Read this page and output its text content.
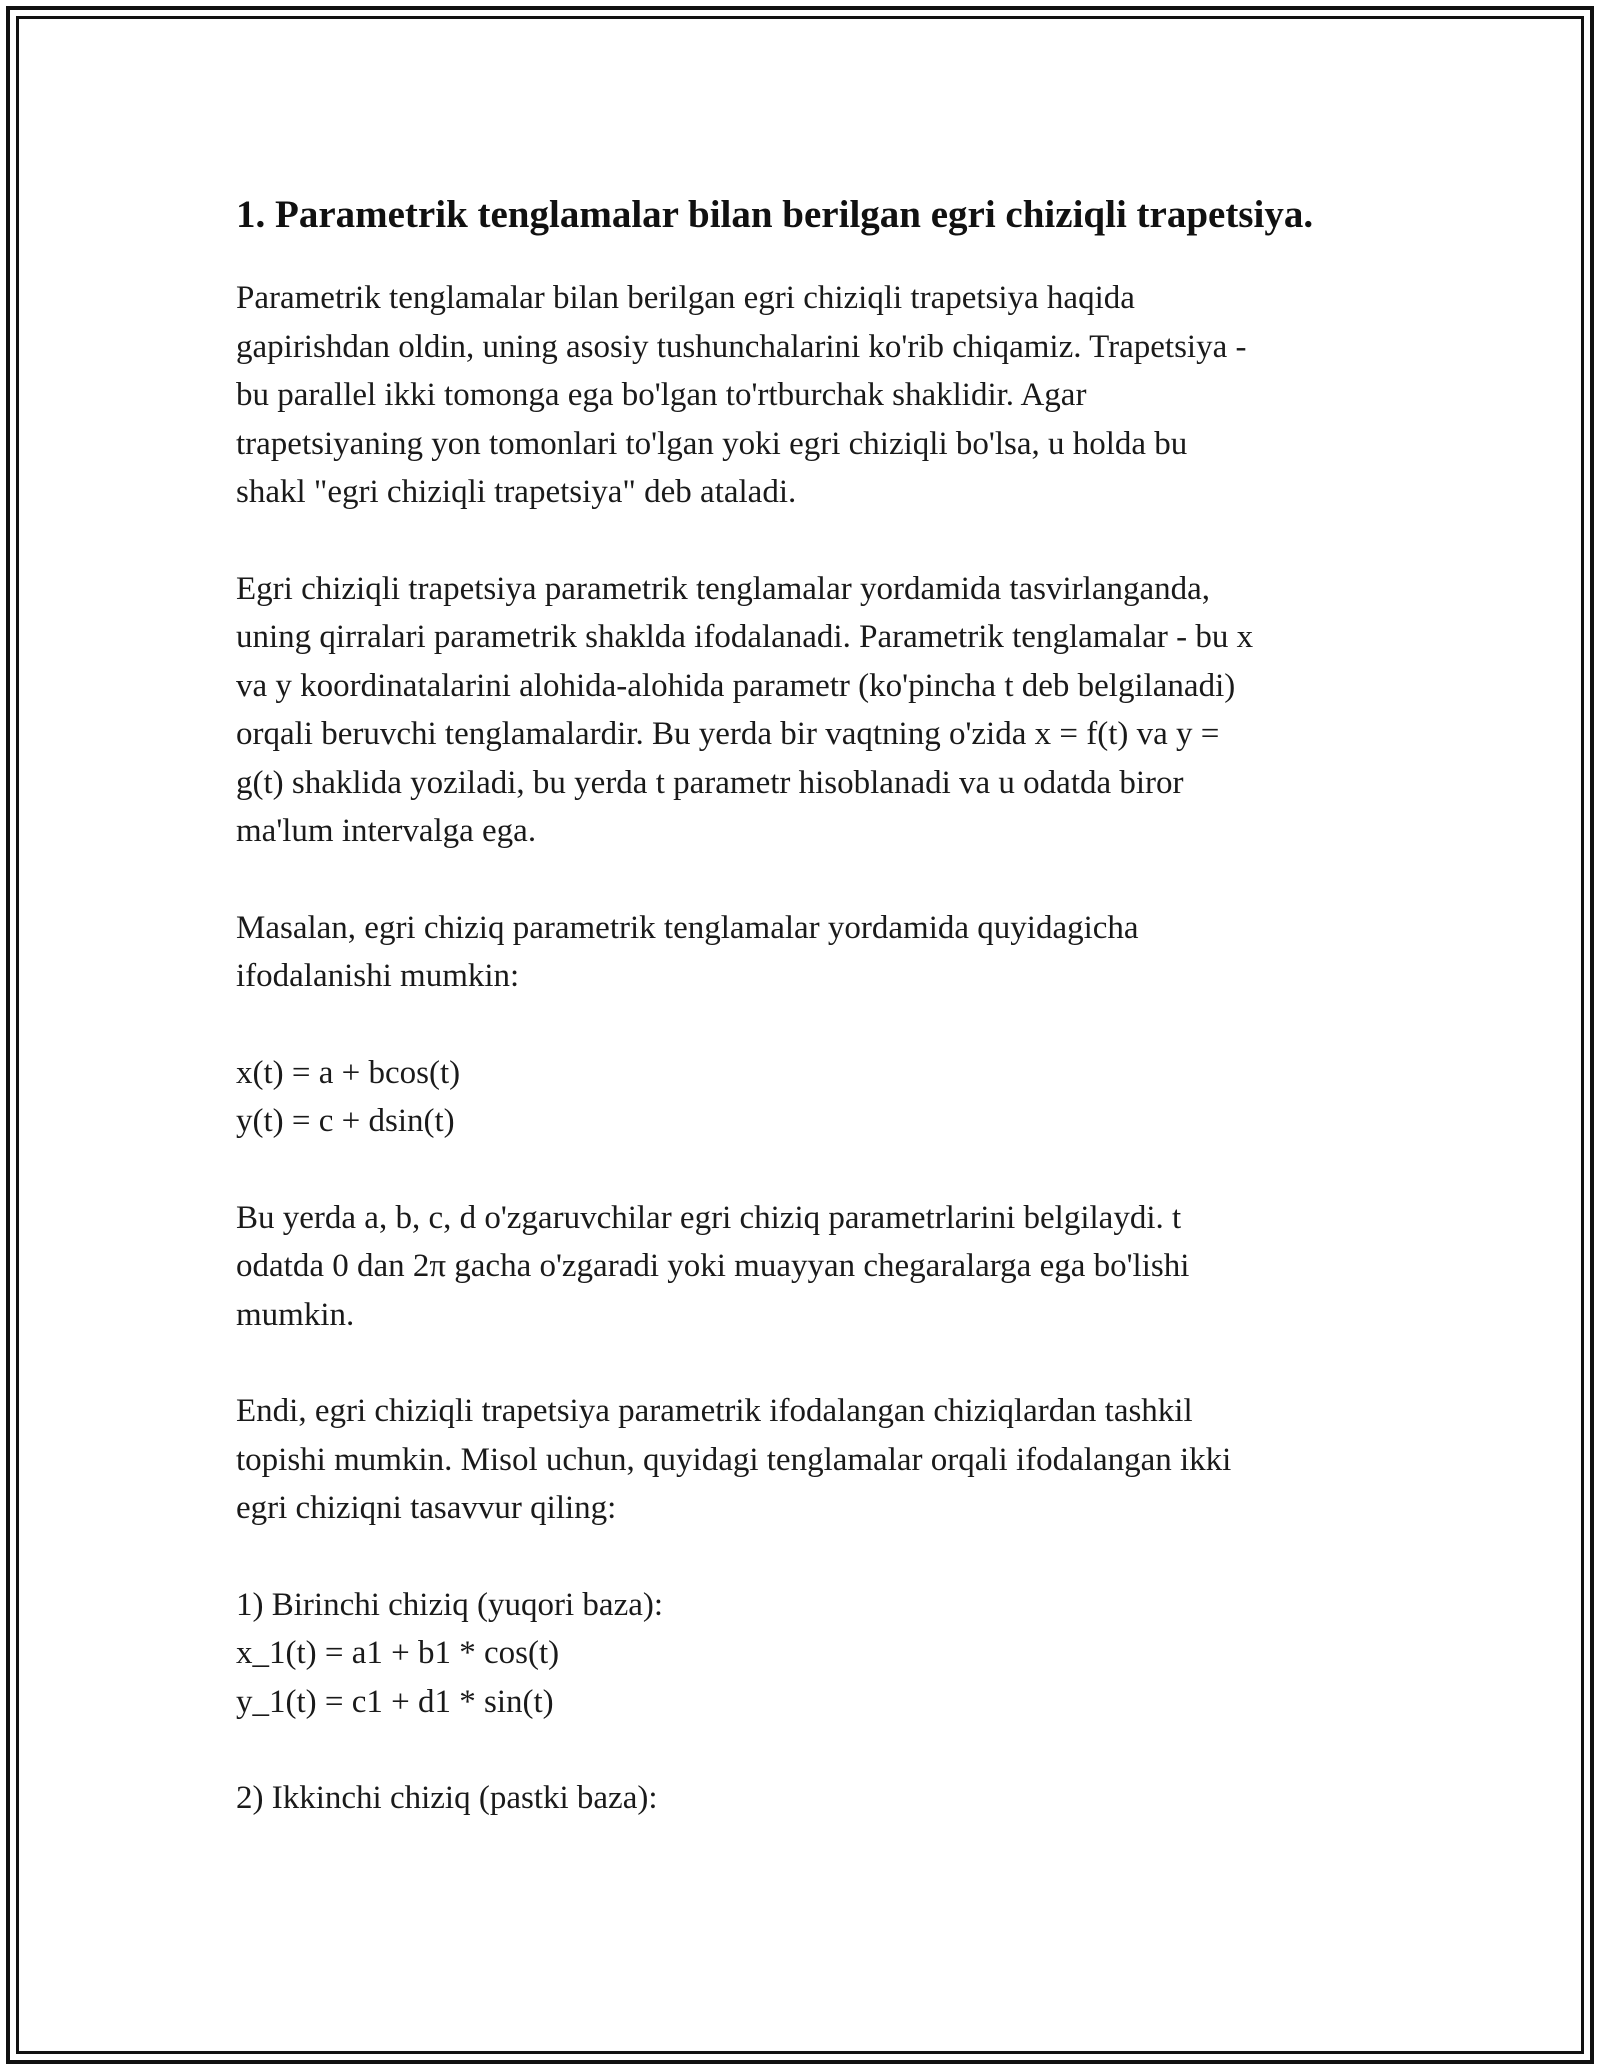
1. Parametrik tenglamalar bilan berilgan egri chiziqli trapetsiya.

Parametrik tenglamalar bilan berilgan egri chiziqli trapetsiya haqida
gapirishdan oldin, uning asosiy tushunchalarini ko'rib chiqamiz. Trapetsiya -
bu parallel ikki tomonga ega bo'lgan to'rtburchak shaklidir. Agar
trapetsiyaning yon tomonlari to'lgan yoki egri chiziqli bo'lsa, u holda bu
shakl "egri chiziqli trapetsiya" deb ataladi.

Egri chiziqli trapetsiya parametrik tenglamalar yordamida tasvirlanganda,
uning qirralari parametrik shaklda ifodalanadi. Parametrik tenglamalar - bu x
va y koordinatalarini alohida-alohida parametr (ko'pincha t deb belgilanadi)
orqali beruvchi tenglamalardir. Bu yerda bir vaqtning o'zida x = f(t) va y =
g(t) shaklida yoziladi, bu yerda t parametr hisoblanadi va u odatda biror
ma'lum intervalga ega.

Masalan, egri chiziq parametrik tenglamalar yordamida quyidagicha
ifodalanishi mumkin:

x(t) = a + bcos(t)
y(t) = c + dsin(t)

Bu yerda a, b, c, d o'zgaruvchilar egri chiziq parametrlarini belgilaydi. t
odatda 0 dan 2π gacha o'zgaradi yoki muayyan chegaralarga ega bo'lishi
mumkin.

Endi, egri chiziqli trapetsiya parametrik ifodalangan chiziqlardan tashkil
topishi mumkin. Misol uchun, quyidagi tenglamalar orqali ifodalangan ikki
egri chiziqni tasavvur qiling:

1) Birinchi chiziq (yuqori baza):
x_1(t) = a1 + b1 * cos(t)
y_1(t) = c1 + d1 * sin(t)

2) Ikkinchi chiziq (pastki baza):
